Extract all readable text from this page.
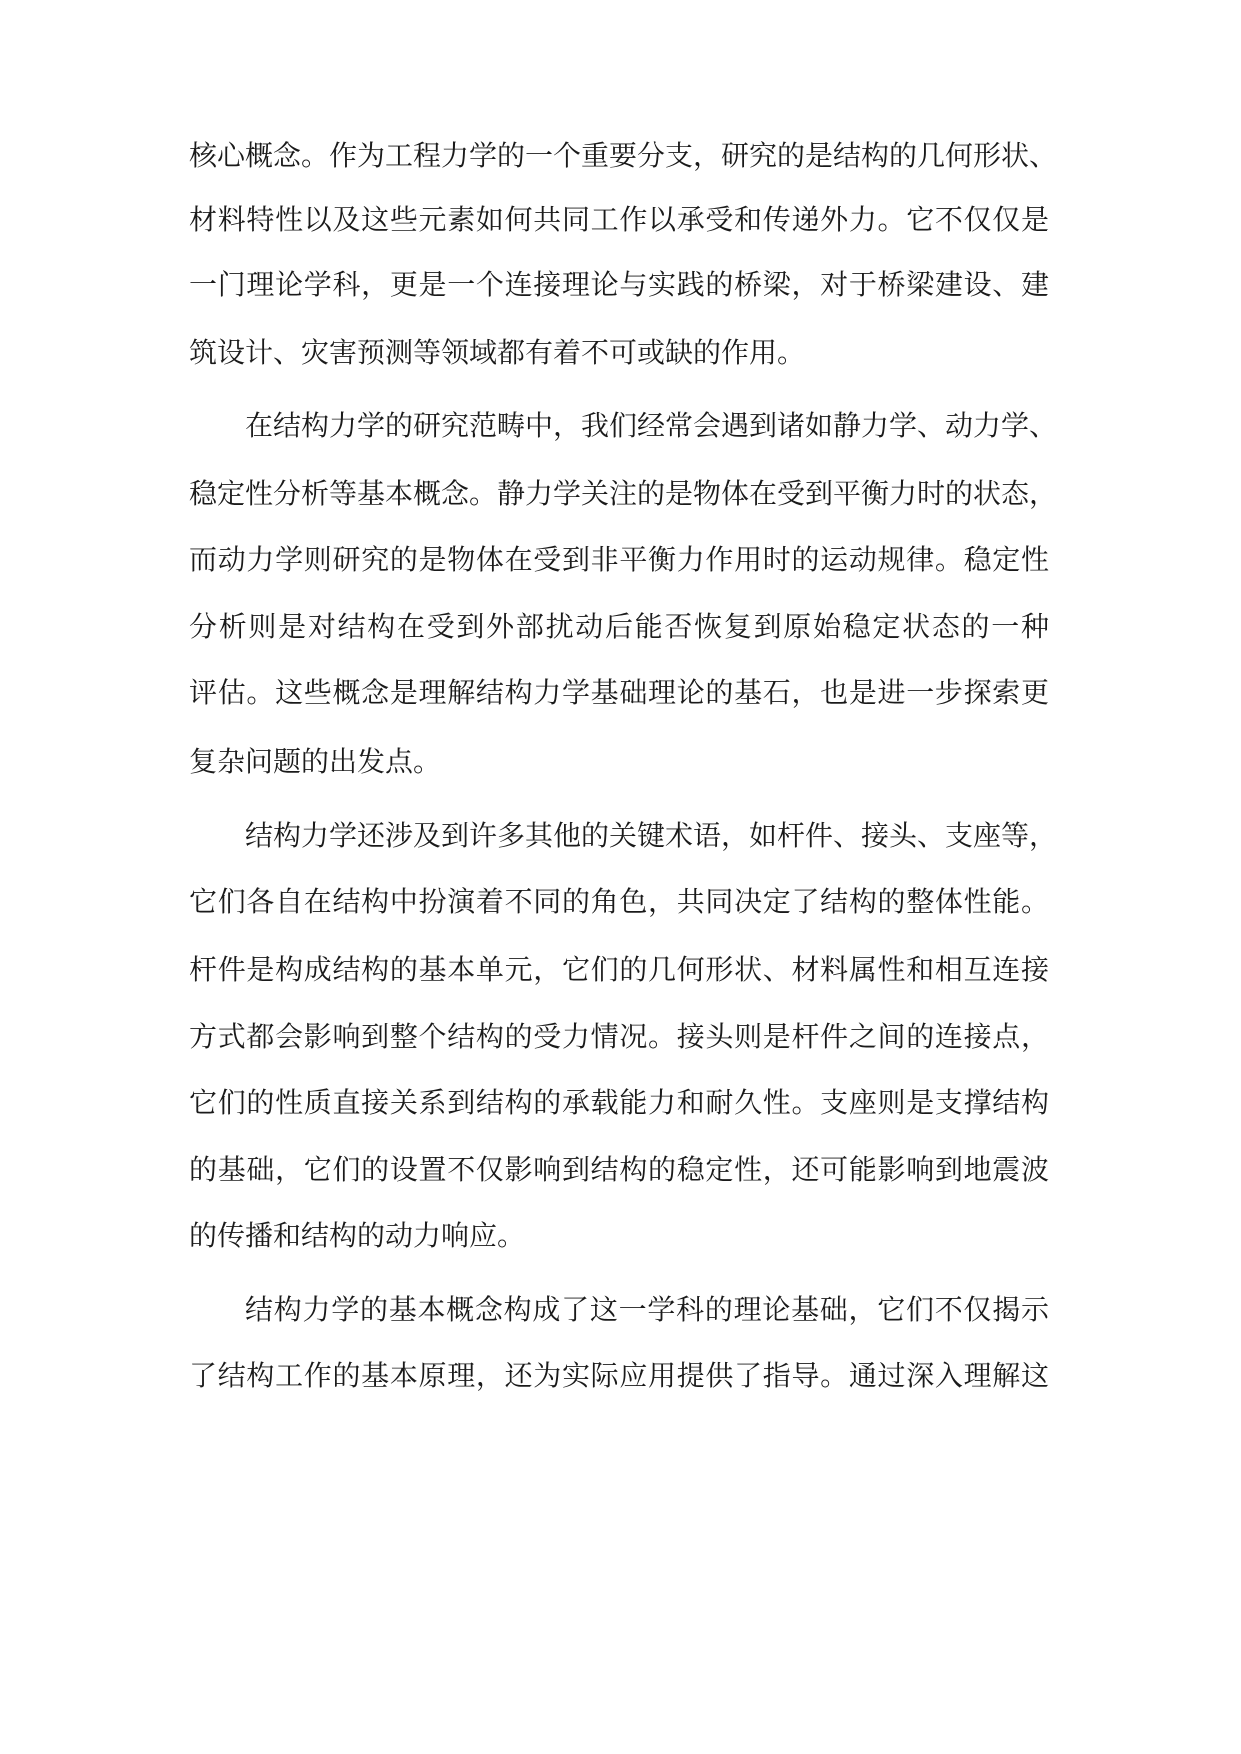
核心概念。作为工程力学的一个重要分支，研究的是结构的几何形状、

材料特性以及这些元素如何共同工作以承受和传递外力。它不仅仅是

一门理论学科，更是一个连接理论与实践的桥梁，对于桥梁建设、建

筑设计、灾害预测等领域都有着不可或缺的作用。

在结构力学的研究范畴中，我们经常会遇到诸如静力学、动力学、

稳定性分析等基本概念。静力学关注的是物体在受到平衡力时的状态，

而动力学则研究的是物体在受到非平衡力作用时的运动规律。稳定性

分析则是对结构在受到外部扰动后能否恢复到原始稳定状态的一种

评估。这些概念是理解结构力学基础理论的基石，也是进一步探索更

复杂问题的出发点。

结构力学还涉及到许多其他的关键术语，如杆件、接头、支座等，

它们各自在结构中扮演着不同的角色，共同决定了结构的整体性能。

杆件是构成结构的基本单元，它们的几何形状、材料属性和相互连接

方式都会影响到整个结构的受力情况。接头则是杆件之间的连接点，

它们的性质直接关系到结构的承载能力和耐久性。支座则是支撑结构

的基础，它们的设置不仅影响到结构的稳定性，还可能影响到地震波

的传播和结构的动力响应。

结构力学的基本概念构成了这一学科的理论基础，它们不仅揭示

了结构工作的基本原理，还为实际应用提供了指导。通过深入理解这
